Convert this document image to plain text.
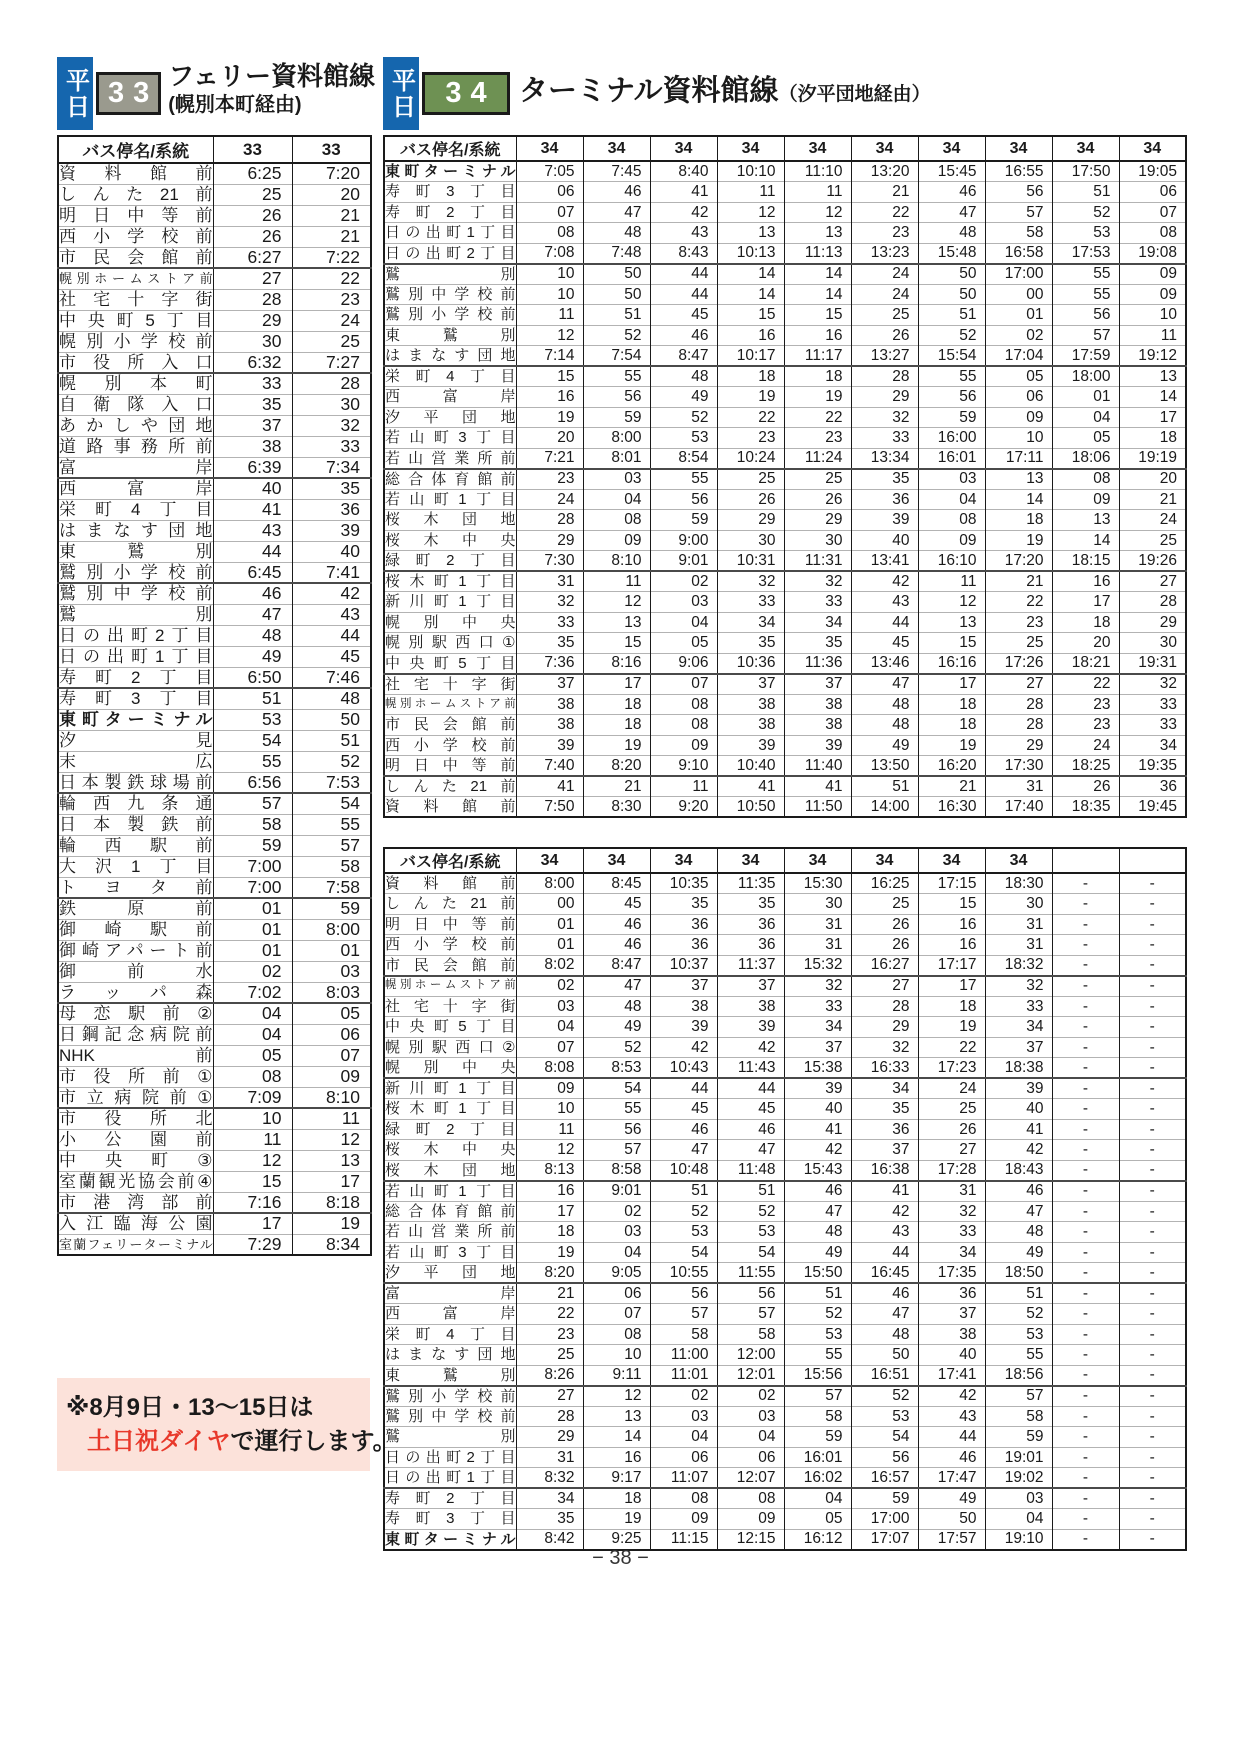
平日 33
フェリー資料館線
(幌別本町経由)
バス停名/系統	33	33
資料館前	6:25	7:20
しんた21前	25	20
明日中等前	26	21
西小学校前	26	21
市民会館前	6:27	7:22
幌別ホームストア前	27	22
社宅十字街	28	23
中央町5丁目	29	24
幌別小学校前	30	25
市役所入口	6:32	7:27
幌別本町	33	28
自衛隊入口	35	30
あかしや団地	37	32
道路事務所前	38	33
富岸	6:39	7:34
西富岸	40	35
栄町4丁目	41	36
はまなす団地	43	39
東鷲別	44	40
鷲別小学校前	6:45	7:41
鷲別中学校前	46	42
鷲別	47	43
日の出町2丁目	48	44
日の出町1丁目	49	45
寿町2丁目	6:50	7:46
寿町3丁目	51	48
東町ターミナル	53	50
汐見	54	51
末広	55	52
日本製鉄球場前	6:56	7:53
輪西九条通	57	54
日本製鉄前	58	55
輪西駅前	59	57
大沢1丁目	7:00	58
トヨタ前	7:00	7:58
鉄原前	01	59
御崎駅前	01	8:00
御崎アパート前	01	01
御前水	02	03
ラッパ森	7:02	8:03
母恋駅前②	04	05
日鋼記念病院前	04	06
NHK前	05	07
市役所前①	08	09
市立病院前①	7:09	8:10
市役所北	10	11
小公園前	11	12
中央町③	12	13
室蘭観光協会前④	15	17
市港湾部前	7:16	8:18
入江臨海公園	17	19
室蘭フェリーターミナル	7:29	8:34
平日	34 ターミナル資料館線（汐平団地経由）
バス停名/系統	34	34	34	34	34	34	34	34	34	34
東町ターミナル	7:05	7:45	8:40	10:10	11:10	13:20	15:45	16:55	17:50	19:05
寿町3丁目	06	46	41	11	11	21	46	56	51	06
寿町2丁目	07	47	42	12	12	22	47	57	52	07
日の出町1丁目	08	48	43	13	13	23	48	58	53	08
日の出町2丁目	7:08	7:48	8:43	10:13	11:13	13:23	15:48	16:58	17:53	19:08
鷲別	10	50	44	14	14	24	50	17:00	55	09
鷲別中学校前	10	50	44	14	14	24	50	00	55	09
鷲別小学校前	11	51	45	15	15	25	51	01	56	10
東鷲別	12	52	46	16	16	26	52	02	57	11
はまなす団地	7:14	7:54	8:47	10:17	11:17	13:27	15:54	17:04	17:59	19:12
栄町4丁目	15	55	48	18	18	28	55	05	18:00	13
西富岸	16	56	49	19	19	29	56	06	01	14
汐平団地	19	59	52	22	22	32	59	09	04	17
若山町3丁目	20	8:00	53	23	23	33	16:00	10	05	18
若山営業所前	7:21	8:01	8:54	10:24	11:24	13:34	16:01	17:11	18:06	19:19
総合体育館前	23	03	55	25	25	35	03	13	08	20
若山町1丁目	24	04	56	26	26	36	04	14	09	21
桜木団地	28	08	59	29	29	39	08	18	13	24
桜木中央	29	09	9:00	30	30	40	09	19	14	25
緑町2丁目	7:30	8:10	9:01	10:31	11:31	13:41	16:10	17:20	18:15	19:26
桜木町1丁目	31	11	02	32	32	42	11	21	16	27
新川町1丁目	32	12	03	33	33	43	12	22	17	28
幌別中央	33	13	04	34	34	44	13	23	18	29
幌別駅西口①	35	15	05	35	35	45	15	25	20	30
中央町5丁目	7:36	8:16	9:06	10:36	11:36	13:46	16:16	17:26	18:21	19:31
社宅十字街	37	17	07	37	37	47	17	27	22	32
幌別ホームストア前	38	18	08	38	38	48	18	28	23	33
市民会館前	38	18	08	38	38	48	18	28	23	33
西小学校前	39	19	09	39	39	49	19	29	24	34
明日中等前	7:40	8:20	9:10	10:40	11:40	13:50	16:20	17:30	18:25	19:35
しんた21前	41	21	11	41	41	51	21	31	26	36
資料館前	7:50	8:30	9:20	10:50	11:50	14:00	16:30	17:40	18:35	19:45
バス停名/系統	34	34	34	34	34	34	34	34		
資料館前	8:00	8:45	10:35	11:35	15:30	16:25	17:15	18:30	-	-
しんた21前	00	45	35	35	30	25	15	30	-	-
明日中等前	01	46	36	36	31	26	16	31	-	-
西小学校前	01	46	36	36	31	26	16	31	-	-
市民会館前	8:02	8:47	10:37	11:37	15:32	16:27	17:17	18:32	-	-
幌別ホームストア前	02	47	37	37	32	27	17	32	-	-
社宅十字街	03	48	38	38	33	28	18	33	-	-
中央町5丁目	04	49	39	39	34	29	19	34	-	-
幌別駅西口②	07	52	42	42	37	32	22	37	-	-
幌別中央	8:08	8:53	10:43	11:43	15:38	16:33	17:23	18:38	-	-
新川町1丁目	09	54	44	44	39	34	24	39	-	-
桜木町1丁目	10	55	45	45	40	35	25	40	-	-
緑町2丁目	11	56	46	46	41	36	26	41	-	-
桜木中央	12	57	47	47	42	37	27	42	-	-
桜木団地	8:13	8:58	10:48	11:48	15:43	16:38	17:28	18:43	-	-
若山町1丁目	16	9:01	51	51	46	41	31	46	-	-
総合体育館前	17	02	52	52	47	42	32	47	-	-
若山営業所前	18	03	53	53	48	43	33	48	-	-
若山町3丁目	19	04	54	54	49	44	34	49	-	-
汐平団地	8:20	9:05	10:55	11:55	15:50	16:45	17:35	18:50	-	-
富岸	21	06	56	56	51	46	36	51	-	-
西富岸	22	07	57	57	52	47	37	52	-	-
栄町4丁目	23	08	58	58	53	48	38	53	-	-
はまなす団地	25	10	11:00	12:00	55	50	40	55	-	-
東鷲別	8:26	9:11	11:01	12:01	15:56	16:51	17:41	18:56	-	-
鷲別小学校前	27	12	02	02	57	52	42	57	-	-
鷲別中学校前	28	13	03	03	58	53	43	58	-	-
鷲別	29	14	04	04	59	54	44	59	-	-
日の出町2丁目	31	16	06	06	16:01	56	46	19:01	-	-
日の出町1丁目	8:32	9:17	11:07	12:07	16:02	16:57	17:47	19:02	-	-
寿町2丁目	34	18	08	08	04	59	49	03	-	-
寿町3丁目	35	19	09	09	05	17:00	50	04	-	-
東町ターミナル	8:42	9:25	11:15	12:15	16:12	17:07	17:57	19:10	-	-
※8月9日・13～15日は
土日祝ダイヤで運行します。
− 38 −
